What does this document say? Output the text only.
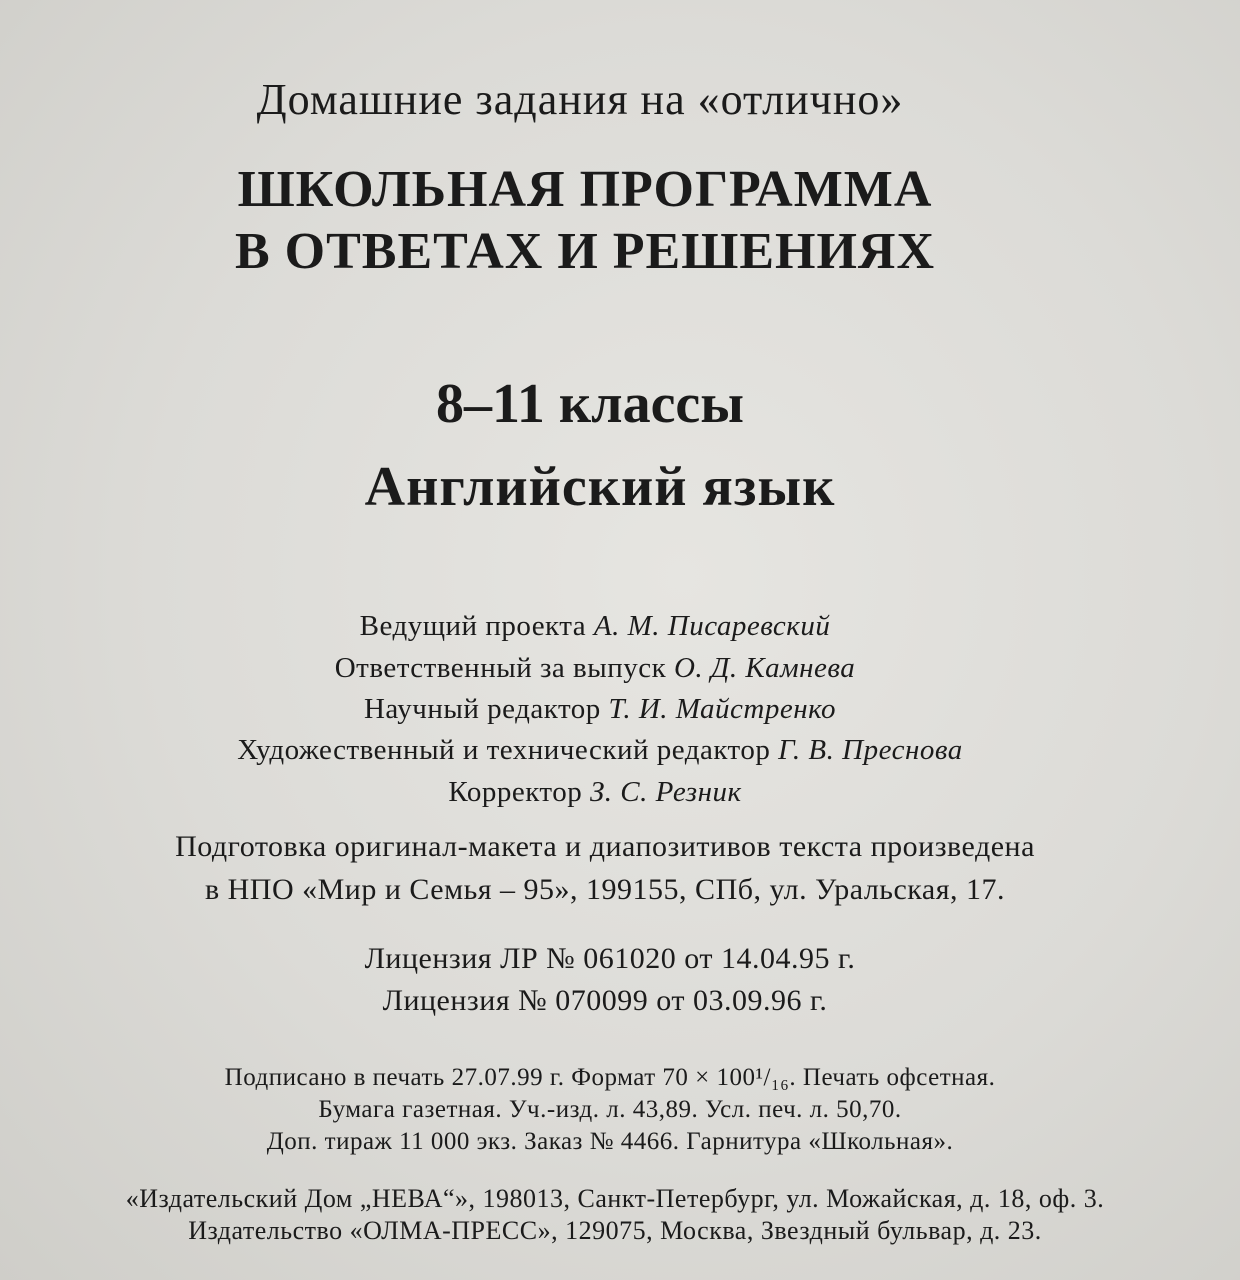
Домашние задания на «отлично»
ШКОЛЬНАЯ ПРОГРАММА
В ОТВЕТАХ И РЕШЕНИЯХ
8–11 классы
Английский язык
Ведущий проекта А. М. Писаревский
Ответственный за выпуск О. Д. Камнева
Научный редактор Т. И. Майстренко
Художественный и технический редактор Г. В. Преснова
Корректор З. С. Резник
Подготовка оригинал-макета и диапозитивов текста произведена
в НПО «Мир и Семья – 95», 199155, СПб, ул. Уральская, 17.
Лицензия ЛР № 061020 от 14.04.95 г.
Лицензия № 070099 от 03.09.96 г.
Подписано в печать 27.07.99 г. Формат 70 × 100¹/₁₆. Печать офсетная.
Бумага газетная. Уч.-изд. л. 43,89. Усл. печ. л. 50,70.
Доп. тираж 11 000 экз. Заказ № 4466. Гарнитура «Школьная».
«Издательский Дом „НЕВА“», 198013, Санкт-Петербург, ул. Можайская, д. 18, оф. 3.
Издательство «ОЛМА-ПРЕСС», 129075, Москва, Звездный бульвар, д. 23.
